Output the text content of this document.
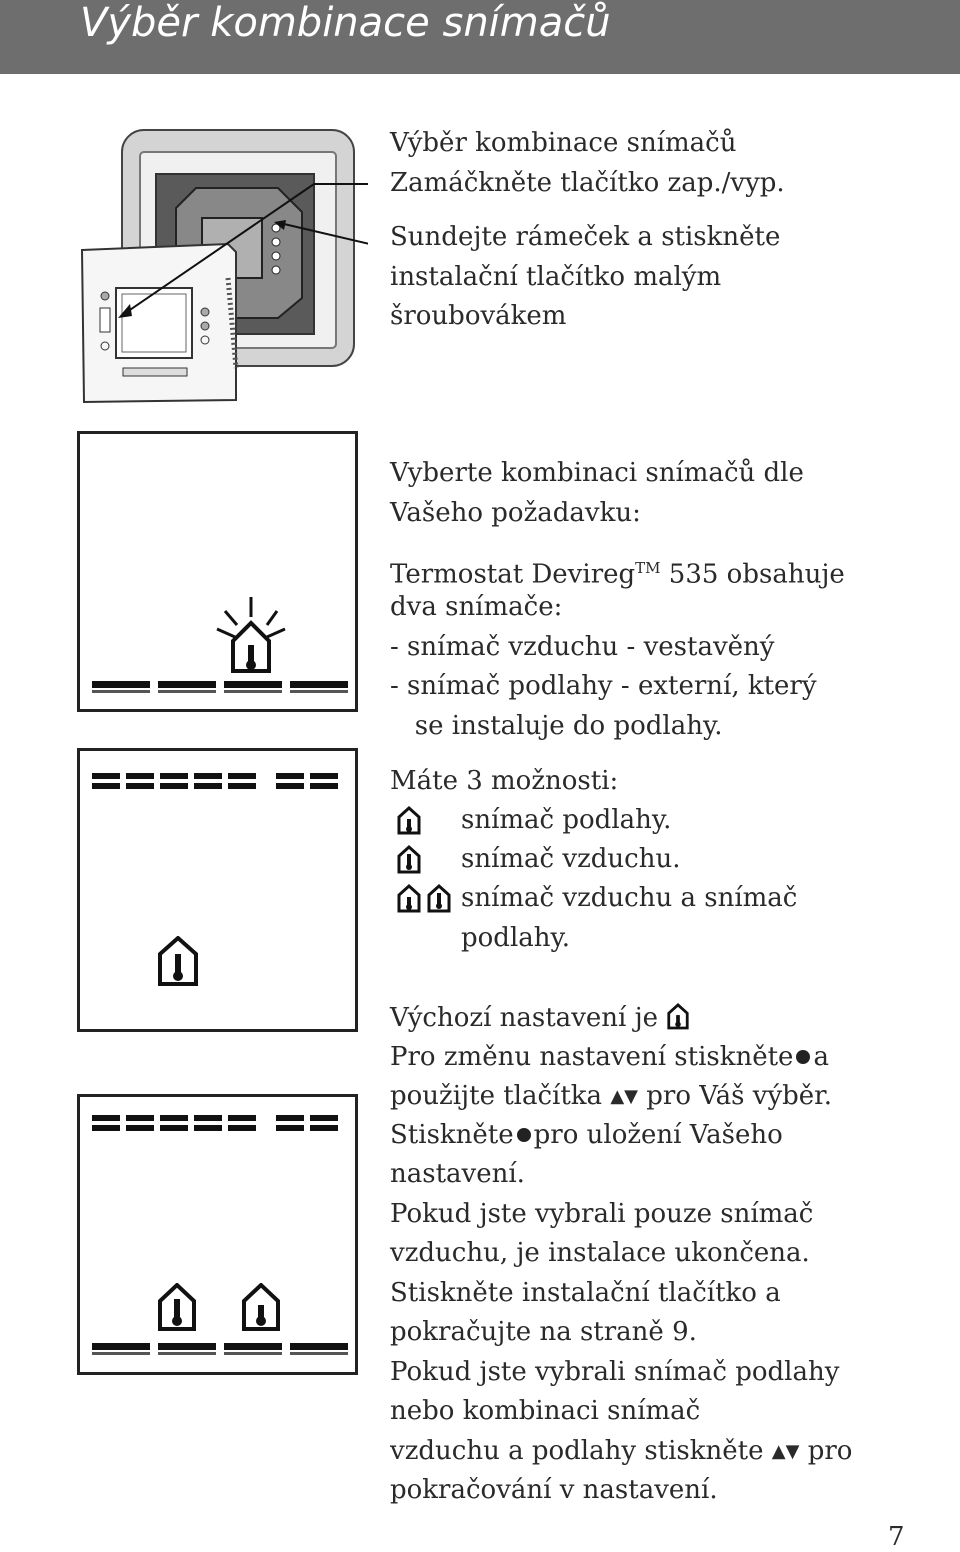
Výběr kombinace snímačů
Výběr kombinace snímačů
Zamáčkněte tlačítko zap./vyp.
Sundejte rámeček a stiskněte
instalační tlačítko malým
šroubovákem
Vyberte kombinaci snímačů dle
Vašeho požadavku:
Termostat Devireg™ 535 obsahuje
dva snímače:
- snímač vzduchu - vestavěný
- snímač podlahy - externí, který
se instaluje do podlahy.
Máte 3 možnosti:
snímač podlahy.
snímač vzduchu.
snímač vzduchu a snímač
podlahy.
Výchozí nastavení je
Pro změnu nastavení stiskněte a
použijte tlačítka ▲▼ pro Váš výběr.
Stiskněte pro uložení Vašeho
nastavení.
Pokud jste vybrali pouze snímač
vzduchu, je instalace ukončena.
Stiskněte instalační tlačítko a
pokračujte na straně 9.
Pokud jste vybrali snímač podlahy
nebo kombinaci snímač
vzduchu a podlahy stiskněte ▲▼ pro
pokračování v nastavení.
7
